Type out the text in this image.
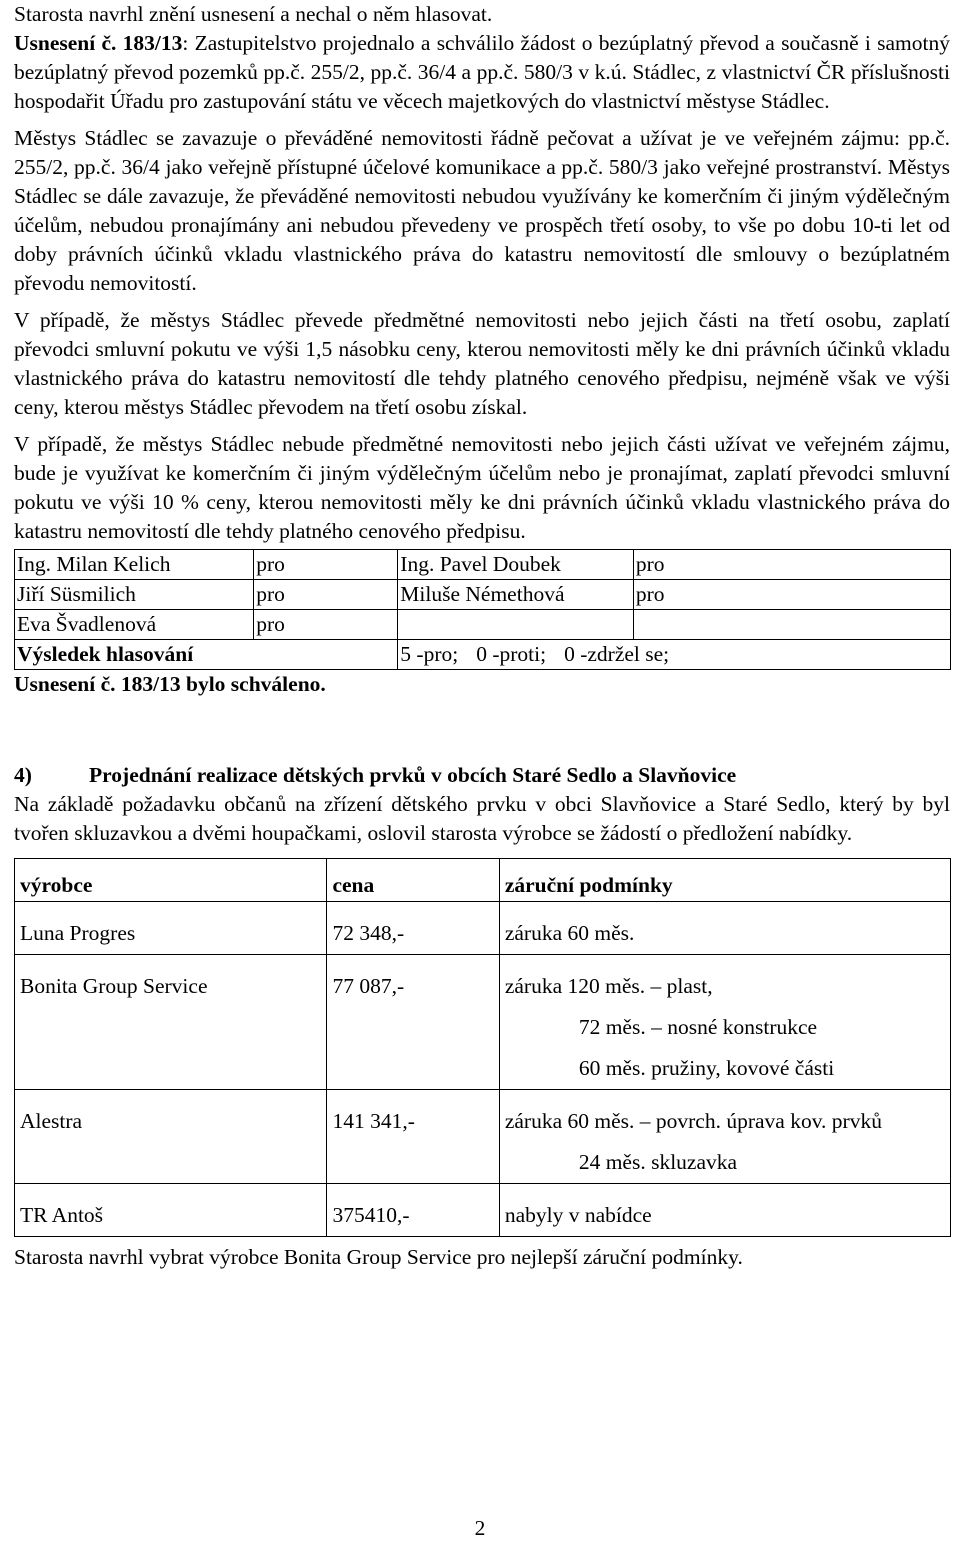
Starosta navrhl znění usnesení a nechal o něm hlasovat.

Usnesení č. 183/13: Zastupitelstvo projednalo a schválilo žádost o bezúplatný převod a současně i samotný bezúplatný převod pozemků pp.č. 255/2, pp.č. 36/4 a pp.č. 580/3 v k.ú. Stádlec, z vlastnictví ČR příslušnosti hospodařit Úřadu pro zastupování státu ve věcech majetkových do vlastnictví městyse Stádlec.

Městys Stádlec se zavazuje o převáděné nemovitosti řádně pečovat a užívat je ve veřejném zájmu: pp.č. 255/2, pp.č. 36/4 jako veřejně přístupné účelové komunikace a pp.č. 580/3 jako veřejné prostranství. Městys Stádlec se dále zavazuje, že převáděné nemovitosti nebudou využívány ke komerčním či jiným výdělečným účelům, nebudou pronajímány ani nebudou převedeny ve prospěch třetí osoby, to vše po dobu 10-ti let od doby právních účinků vkladu vlastnického práva do katastru nemovitostí dle smlouvy o bezúplatném převodu nemovitostí.

V případě, že městys Stádlec převede předmětné nemovitosti nebo jejich části na třetí osobu, zaplatí převodci smluvní pokutu ve výši 1,5 násobku ceny, kterou nemovitosti měly ke dni právních účinků vkladu vlastnického práva do katastru nemovitostí dle tehdy platného cenového předpisu, nejméně však ve výši ceny, kterou městys Stádlec převodem na třetí osobu získal.

V případě, že městys Stádlec nebude předmětné nemovitosti nebo jejich části užívat ve veřejném zájmu, bude je využívat ke komerčním či jiným výdělečným účelům nebo je pronajímat, zaplatí převodci smluvní pokutu ve výši 10 % ceny, kterou nemovitosti měly ke dni právních účinků vkladu vlastnického práva do katastru nemovitostí dle tehdy platného cenového předpisu.

Ing. Milan Kelich	pro	Ing. Pavel Doubek	pro
Jiří Süsmilich	pro	Miluše Némethová	pro
Eva Švadlenová	pro		
Výsledek hlasování		5 -pro; 0 -proti; 0 -zdržel se;	

Usnesení č. 183/13 bylo schváleno.

4)	Projednání realizace dětských prvků v obcích Staré Sedlo a Slavňovice

Na základě požadavku občanů na zřízení dětského prvku v obci Slavňovice a Staré Sedlo, který by byl tvořen skluzavkou a dvěmi houpačkami, oslovil starosta výrobce se žádostí o předložení nabídky.

výrobce	cena	záruční podmínky

Luna Progres	72 348,-	záruka 60 měs.

Bonita Group Service	77 087,-	záruka 120 měs. – plast,
72 měs. – nosné konstrukce
60 měs. pružiny, kovové části

Alestra	141 341,-	záruka 60 měs. – povrch. úprava kov. prvků
24 měs. skluzavka

TR Antoš	375410,-	nabyly v nabídce

Starosta navrhl vybrat výrobce Bonita Group Service pro nejlepší záruční podmínky.

2
